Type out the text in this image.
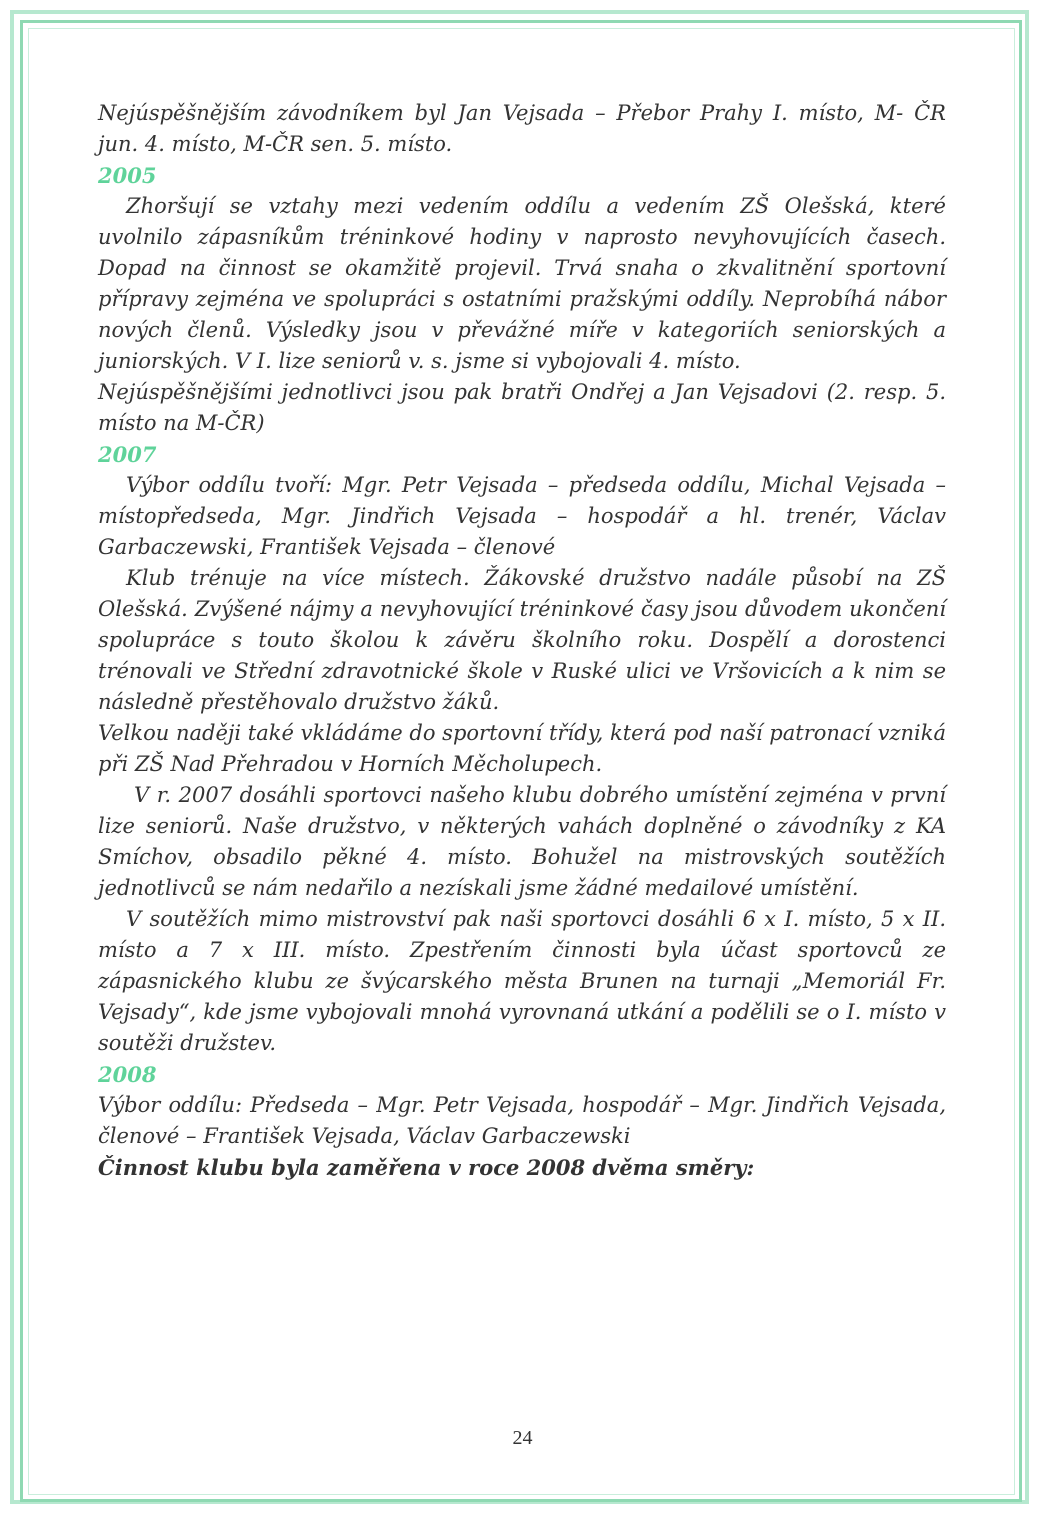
Nejúspěšnějším závodníkem byl Jan Vejsada – Přebor Prahy I. místo, M- ČR jun. 4. místo, M-ČR sen. 5. místo.

2005

Zhoršují se vztahy mezi vedením oddílu a vedením ZŠ Olešská, které uvolnilo zápasníkům tréninkové hodiny v naprosto nevyhovujících časech. Dopad na činnost se okamžitě projevil. Trvá snaha o zkvalitnění sportovní přípravy zejména ve spolupráci s ostatními pražskými oddíly. Neprobíhá nábor nových členů. Výsledky jsou v převážné míře v kategoriích seniorských a juniorských. V I. lize seniorů v. s. jsme si vybojovali 4. místo.

Nejúspěšnějšími jednotlivci jsou pak bratři Ondřej a Jan Vejsadovi (2. resp. 5. místo na M-ČR)

2007

Výbor oddílu tvoří: Mgr. Petr Vejsada – předseda oddílu, Michal Vejsada – místopředseda, Mgr. Jindřich Vejsada – hospodář a hl. trenér, Václav Garbaczewski, František Vejsada – členové

Klub trénuje na více místech. Žákovské družstvo nadále působí na ZŠ Olešská. Zvýšené nájmy a nevyhovující tréninkové časy jsou důvodem ukončení spolupráce s touto školou k závěru školního roku. Dospělí a dorostenci trénovali ve Střední zdravotnické škole v Ruské ulici ve Vršovicích a k nim se následně přestěhovalo družstvo žáků.

Velkou naději také vkládáme do sportovní třídy, která pod naší patronací vzniká při ZŠ Nad Přehradou v Horních Měcholupech.

V r. 2007 dosáhli sportovci našeho klubu dobrého umístění zejména v první lize seniorů. Naše družstvo, v některých vahách doplněné o závodníky z KA Smíchov, obsadilo pěkné 4. místo. Bohužel na mistrovských soutěžích jednotlivců se nám nedařilo a nezískali jsme žádné medailové umístění.

V soutěžích mimo mistrovství pak naši sportovci dosáhli 6 x I. místo, 5 x II. místo a 7 x III. místo. Zpestřením činnosti byla účast sportovců ze zápasnického klubu ze švýcarského města Brunen na turnaji „Memoriál Fr. Vejsady“, kde jsme vybojovali mnohá vyrovnaná utkání a podělili se o I. místo v soutěži družstev.

2008

Výbor oddílu: Předseda – Mgr. Petr Vejsada, hospodář – Mgr. Jindřich Vejsada, členové – František Vejsada, Václav Garbaczewski

Činnost klubu byla zaměřena v roce 2008 dvěma směry:

24
